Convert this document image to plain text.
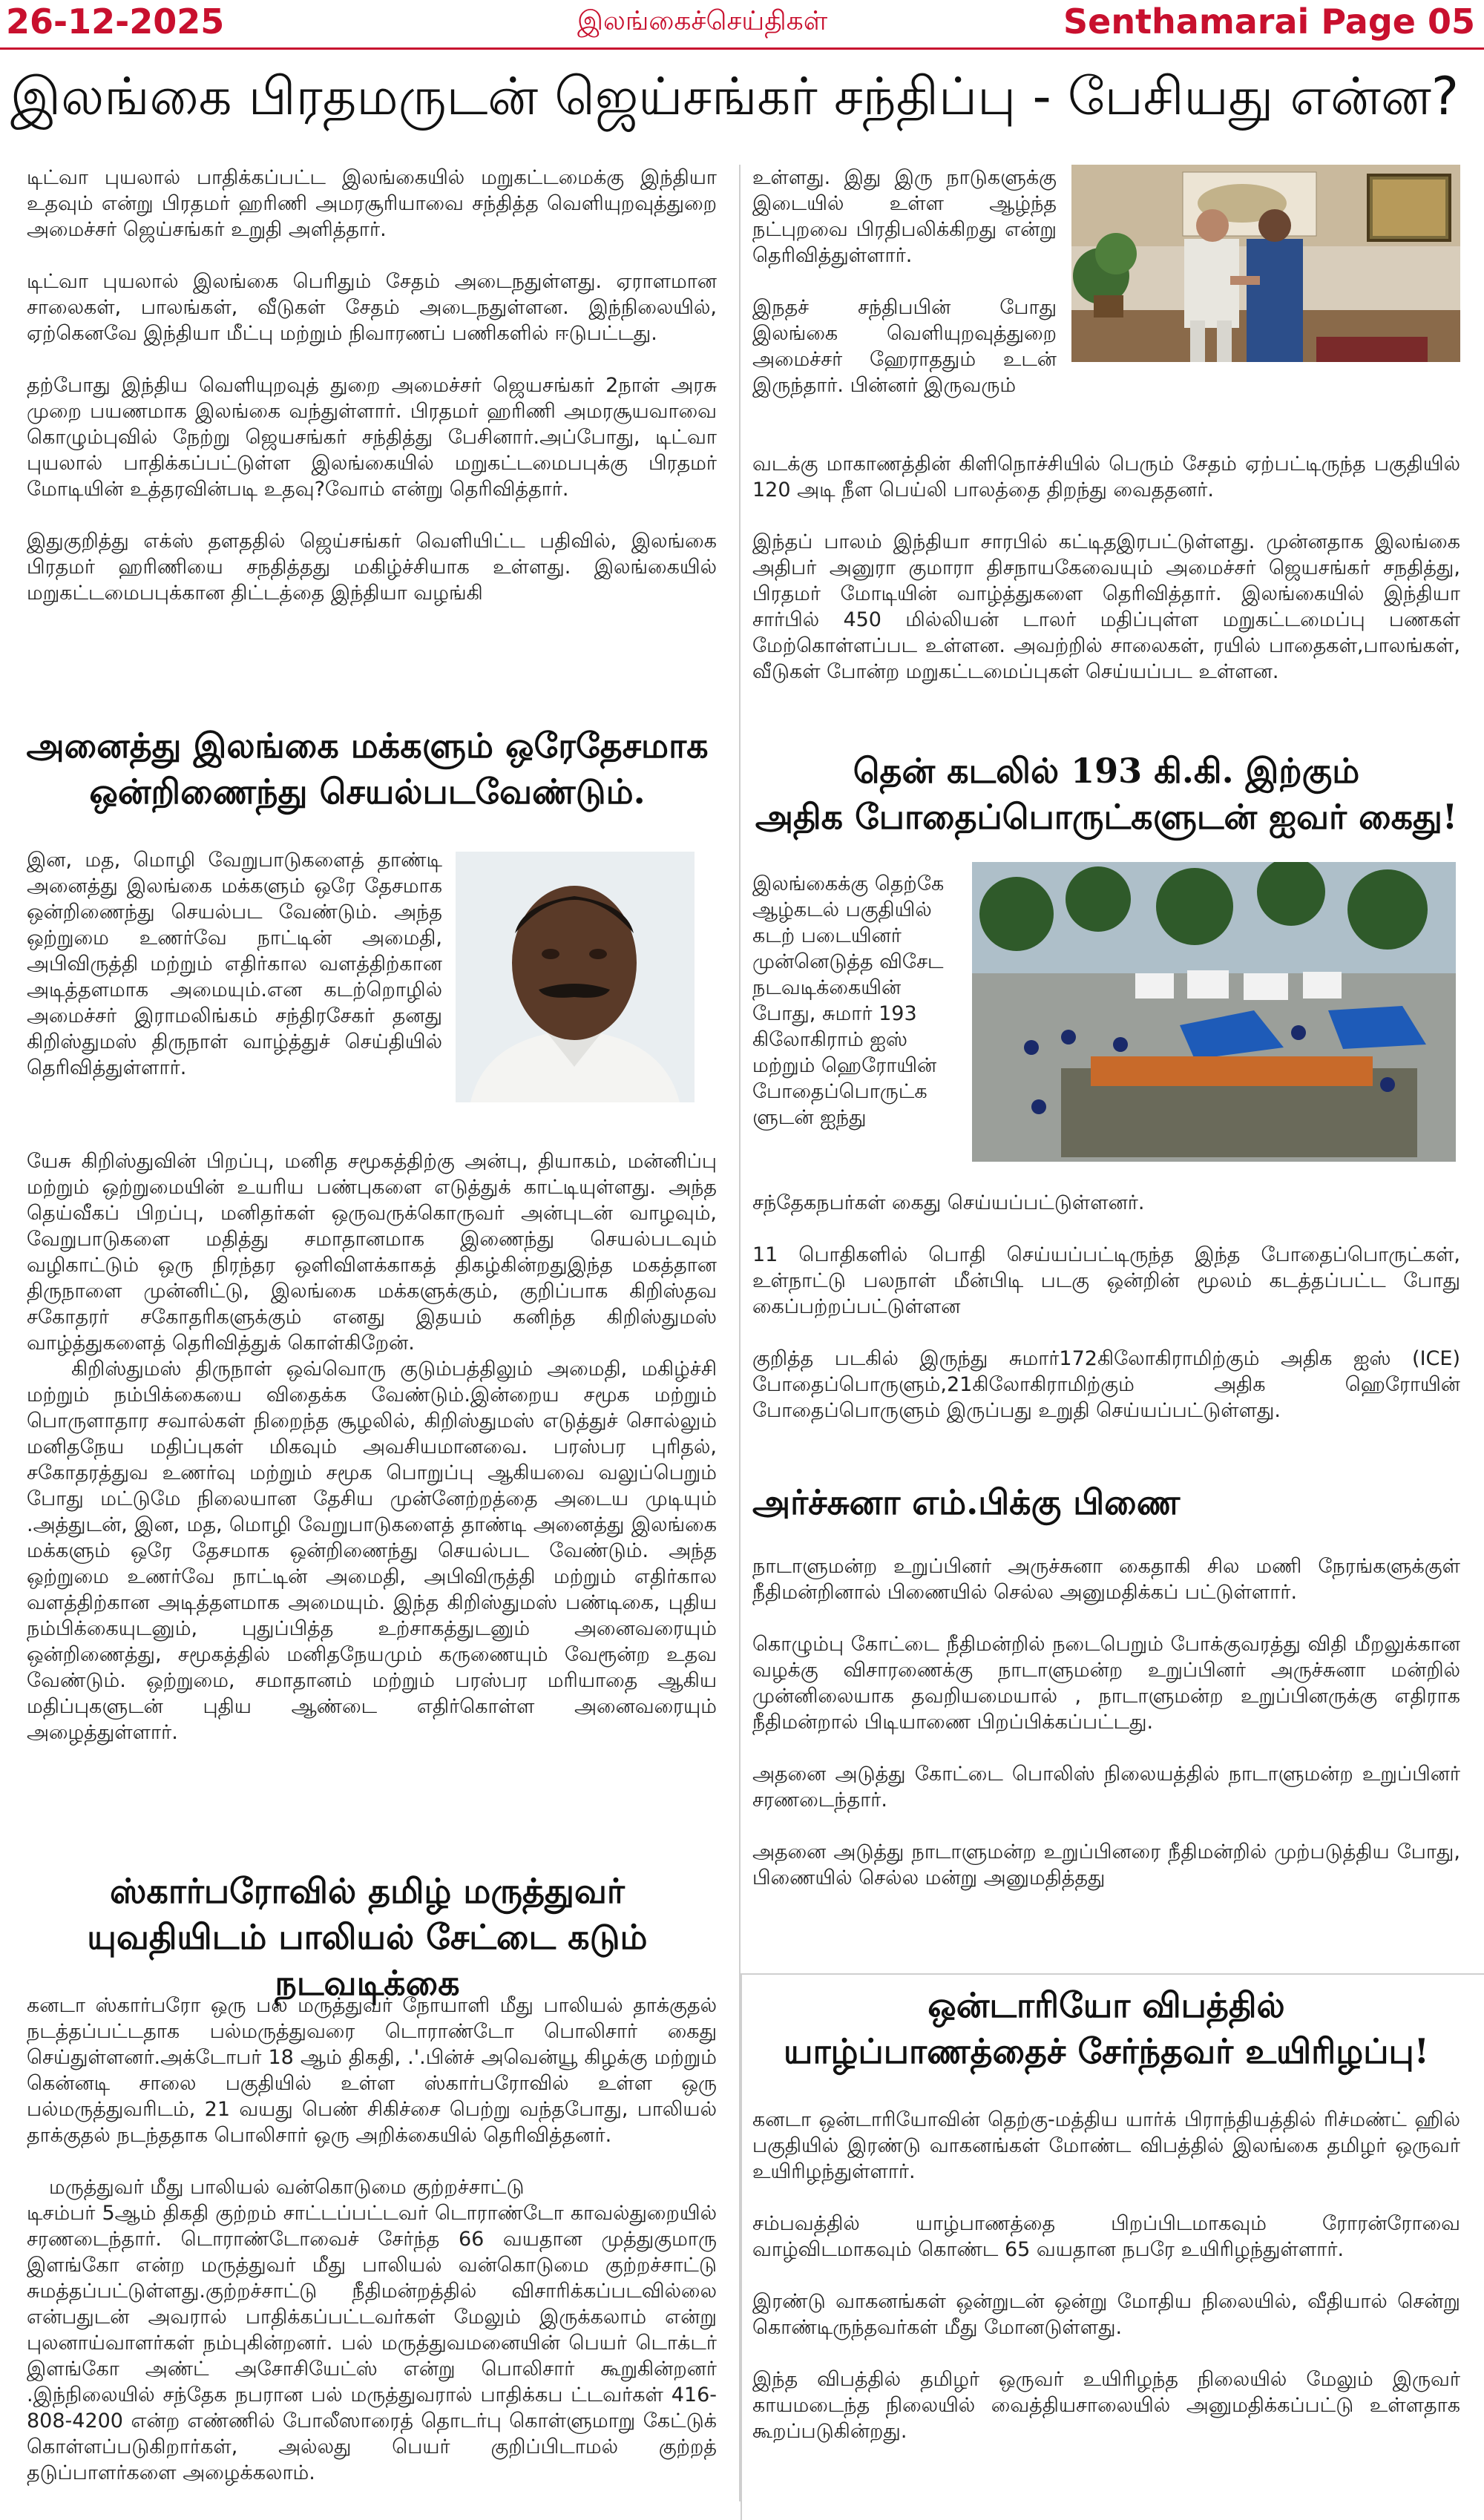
26-12-2025	இலங்கைச்செய்திகள்	Senthamarai Page 05
இலங்கை பிரதமருடன் ஜெய்சங்கர் சந்திப்பு - பேசியது என்ன?

டிட்வா புயலால் பாதிக்கப்பட்ட இலங்கையில் மறுகட்டமைக்கு இந்தியா உதவும் என்று பிரதமர் ஹரிணி அமரசூரியாவை சந்தித்த வெளியுறவுத்துறை அமைச்சர் ஜெய்சங்கர் உறுதி அளித்தார்.

டிட்வா புயலால் இலங்கை பெரிதும் சேதம் அடைநதுள்ளது. ஏராளமான சாலைகள், பாலங்கள், வீடுகள் சேதம் அடைநதுள்ளன. இந்நிலையில், ஏற்கெனவே இந்தியா மீட்பு மற்றும் நிவாரணப் பணிகளில் ஈடுபட்டது.

தற்போது இந்திய வெளியுறவுத் துறை அமைச்சர் ஜெயசங்கர் 2நாள் அரசு முறை பயணமாக இலங்கை வந்துள்ளார். பிரதமர் ஹரிணி அமரசூயவாவை கொழும்புவில் நேற்று ஜெயசங்கர் சந்தித்து பேசினார்.அப்போது, டிட்வா புயலால் பாதிக்கப்பட்டுள்ள இலங்கையில் மறுகட்டமைபபுக்கு பிரதமர் மோடியின் உத்தரவின்படி உதவு?வோம் என்று தெரிவித்தார்.

இதுகுறித்து எக்ஸ் தளததில் ஜெய்சங்கர் வெளியிட்ட பதிவில், இலங்கை பிரதமர் ஹரிணியை சநதித்தது மகிழ்ச்சியாக உள்ளது. இலங்கையில் மறுகட்டமைபபுக்கான திட்டத்தை இந்தியா வழங்கி

உள்ளது. இது இரு நாடுகளுக்கு இடையில் உள்ள ஆழ்ந்த நட்புறவை பிரதிபலிக்கிறது என்று தெரிவித்துள்ளார்.

இநதச் சந்திபபின் போது இலங்கை வெளியுறவுத்துறை அமைச்சர் ஹேராததும் உடன் இருந்தார். பின்னர் இருவரும்

வடக்கு மாகாணத்தின் கிளிநொச்சியில் பெரும் சேதம் ஏற்பட்டிருந்த பகுதியில் 120 அடி நீள பெய்லி பாலத்தை திறந்து வைததனர்.

இந்தப் பாலம் இந்தியா சாரபில் கட்டிதஇரபட்டுள்ளது. முன்னதாக இலங்கை அதிபர் அனுரா குமாரா திசநாயகேவையும் அமைச்சர் ஜெயசங்கர் சநதித்து, பிரதமர் மோடியின் வாழ்த்துகளை தெரிவித்தார். இலங்கையில் இந்தியா சார்பில் 450 மில்லியன் டாலர் மதிப்புள்ள மறுகட்டமைப்பு பணகள் மேற்கொள்ளப்பட உள்ளன. அவற்றில் சாலைகள், ரயில் பாதைகள்,பாலங்கள், வீடுகள் போன்ற மறுகட்டமைப்புகள் செய்யப்பட உள்ளன.

அனைத்து இலங்கை மக்களும் ஒரேதேசமாக
ஒன்றிணைந்து செயல்படவேண்டும்.
இன, மத, மொழி வேறுபாடுகளைத் தாண்டி அனைத்து இலங்கை மக்களும் ஒரே தேசமாக ஒன்றிணைந்து செயல்பட வேண்டும். அந்த ஒற்றுமை உணர்வே நாட்டின் அமைதி, அபிவிருத்தி மற்றும் எதிர்கால வளத்திற்கான அடித்தளமாக அமையும்.என கடற்றொழில் அமைச்சர் இராமலிங்கம் சந்திரசேகர் தனது கிறிஸ்துமஸ் திருநாள் வாழ்த்துச் செய்தியில் தெரிவித்துள்ளார்.

யேசு கிறிஸ்துவின் பிறப்பு, மனித சமூகத்திற்கு அன்பு, தியாகம், மன்னிப்பு மற்றும் ஒற்றுமையின் உயரிய பண்புகளை எடுத்துக் காட்டியுள்ளது. அந்த தெய்வீகப் பிறப்பு, மனிதர்கள் ஒருவருக்கொருவர் அன்புடன் வாழவும், வேறுபாடுகளை மதித்து சமாதானமாக இணைந்து செயல்படவும் வழிகாட்டும் ஒரு நிரந்தர ஒளிவிளக்காகத் திகழ்கின்றதுஇந்த மகத்தான திருநாளை முன்னிட்டு, இலங்கை மக்களுக்கும், குறிப்பாக கிறிஸ்தவ சகோதரர் சகோதரிகளுக்கும் எனது இதயம் கனிந்த கிறிஸ்துமஸ் வாழ்த்துகளைத் தெரிவித்துக் கொள்கிறேன்.

கிறிஸ்துமஸ் திருநாள் ஒவ்வொரு குடும்பத்திலும் அமைதி, மகிழ்ச்சி மற்றும் நம்பிக்கையை விதைக்க வேண்டும்.இன்றைய சமூக மற்றும் பொருளாதார சவால்கள் நிறைந்த சூழலில், கிறிஸ்துமஸ் எடுத்துச் சொல்லும் மனிதநேய மதிப்புகள் மிகவும் அவசியமானவை. பரஸ்பர புரிதல், சகோதரத்துவ உணர்வு மற்றும் சமூக பொறுப்பு ஆகியவை வலுப்பெறும் போது மட்டுமே நிலையான தேசிய முன்னேற்றத்தை அடைய முடியும் .அத்துடன், இன, மத, மொழி வேறுபாடுகளைத் தாண்டி அனைத்து இலங்கை மக்களும் ஒரே தேசமாக ஒன்றிணைந்து செயல்பட வேண்டும். அந்த ஒற்றுமை உணர்வே நாட்டின் அமைதி, அபிவிருத்தி மற்றும் எதிர்கால வளத்திற்கான அடித்தளமாக அமையும். இந்த கிறிஸ்துமஸ் பண்டிகை, புதிய நம்பிக்கையுடனும், புதுப்பித்த உற்சாகத்துடனும் அனைவரையும் ஒன்றிணைத்து, சமூகத்தில் மனிதநேயமும் கருணையும் வேரூன்ற உதவ வேண்டும். ஒற்றுமை, சமாதானம் மற்றும் பரஸ்பர மரியாதை ஆகிய மதிப்புகளுடன் புதிய ஆண்டை எதிர்கொள்ள அனைவரையும் அழைத்துள்ளார்.

ஸ்கார்பரோவில் தமிழ் மருத்துவர்
யுவதியிடம் பாலியல் சேட்டை கடும் நடவடிக்கை

கனடா ஸ்கார்பரோ ஒரு பல் மருத்துவர் நோயாளி மீது பாலியல் தாக்குதல் நடத்தப்பட்டதாக பல்மருத்துவரை டொராண்டோ பொலிசார் கைது செய்துள்ளனர்.அக்டோபர் 18 ஆம் திகதி, .'.பின்ச் அவென்யூ கிழக்கு மற்றும் கென்னடி சாலை பகுதியில் உள்ள ஸ்கார்பரோவில் உள்ள ஒரு பல்மருத்துவரிடம், 21 வயது பெண் சிகிச்சை பெற்று வந்தபோது, பாலியல் தாக்குதல் நடந்ததாக பொலிசார் ஒரு அறிக்கையில் தெரிவித்தனர்.

மருத்துவர் மீது பாலியல் வன்கொடுமை குற்றச்சாட்டு

டிசம்பர் 5ஆம் திகதி குற்றம் சாட்டப்பட்டவர் டொராண்டோ காவல்துறையில் சரணடைந்தார். டொராண்டோவைச் சேர்ந்த 66 வயதான முத்துகுமாரு இளங்கோ என்ற மருத்துவர் மீது பாலியல் வன்கொடுமை குற்றச்சாட்டு சுமத்தப்பட்டுள்ளது.குற்றச்சாட்டு நீதிமன்றத்தில் விசாரிக்கப்படவில்லை என்பதுடன் அவரால் பாதிக்கப்பட்டவர்கள் மேலும் இருக்கலாம் என்று புலனாய்வாளர்கள் நம்புகின்றனர். பல் மருத்துவமனையின் பெயர் டொக்டர் இளங்கோ அண்ட் அசோசியேட்ஸ் என்று பொலிசார் கூறுகின்றனர் .இந்நிலையில் சந்தேக நபரான பல் மருத்துவரால் பாதிக்கப ட்டவர்கள் 416-808-4200 என்ற எண்ணில் போலீஸாரைத் தொடர்பு கொள்ளுமாறு கேட்டுக் கொள்ளப்படுகிறார்கள், அல்லது பெயர் குறிப்பிடாமல் குற்றத் தடுப்பாளர்களை அழைக்கலாம்.

தென் கடலில் 193 கி.கி. இற்கும்
அதிக போதைப்பொருட்களுடன் ஐவர் கைது!
இலங்கைக்கு தெற்கே ஆழ்கடல் பகுதியில் கடற் படையினர் முன்னெடுத்த விசேட நடவடிக்கையின் போது, சுமார் 193 கிலோகிராம் ஐஸ் மற்றும் ஹெரோயின் போதைப்பொருட்க ளுடன் ஐந்து

சந்தேகநபர்கள் கைது செய்யப்பட்டுள்ளனர்.

11 பொதிகளில் பொதி செய்யப்பட்டிருந்த இந்த போதைப்பொருட்கள், உள்நாட்டு பலநாள் மீன்பிடி படகு ஒன்றின் மூலம் கடத்தப்பட்ட போது கைப்பற்றப்பட்டுள்ளன

குறித்த படகில் இருந்து சுமார்172கிலோகிராமிற்கும் அதிக ஐஸ் (ICE) போதைப்பொருளும்,21கிலோகிராமிற்கும் அதிக ஹெரோயின் போதைப்பொருளும் இருப்பது உறுதி செய்யப்பட்டுள்ளது.

அர்ச்சுனா எம்.பிக்கு பிணை

நாடாளுமன்ற உறுப்பினர் அருச்சுனா கைதாகி சில மணி நேரங்களுக்குள் நீதிமன்றினால் பிணையில் செல்ல அனுமதிக்கப் பட்டுள்ளார்.

கொழும்பு கோட்டை நீதிமன்றில் நடைபெறும் போக்குவரத்து விதி மீறலுக்கான வழக்கு விசாரணைக்கு நாடாளுமன்ற உறுப்பினர் அருச்சுனா மன்றில் முன்னிலையாக தவறியமையால் , நாடாளுமன்ற உறுப்பினருக்கு எதிராக நீதிமன்றால் பிடியாணை பிறப்பிக்கப்பட்டது.

அதனை அடுத்து கோட்டை பொலிஸ் நிலையத்தில் நாடாளுமன்ற உறுப்பினர் சரணடைந்தார்.

அதனை அடுத்து நாடாளுமன்ற உறுப்பினரை நீதிமன்றில் முற்படுத்திய போது, பிணையில் செல்ல மன்று அனுமதித்தது

ஒன்டாரியோ விபத்தில்
யாழ்ப்பாணத்தைச் சேர்ந்தவர் உயிரிழப்பு!

கனடா ஒன்டாரியோவின் தெற்கு-மத்திய யார்க் பிராந்தியத்தில் ரிச்மண்ட் ஹில் பகுதியில் இரண்டு வாகனங்கள் மோண்ட விபத்தில் இலங்கை தமிழர் ஒருவர் உயிரிழந்துள்ளார்.

சம்பவத்தில் யாழ்பாணத்தை பிறப்பிடமாகவும் ரோரன்ரோவை வாழ்விடமாகவும் கொண்ட 65 வயதான நபரே உயிரிழந்துள்ளார்.

இரண்டு வாகனங்கள் ஒன்றுடன் ஒன்று மோதிய நிலையில், வீதியால் சென்று கொண்டிருந்தவர்கள் மீது மோனடுள்ளது.

இந்த விபத்தில் தமிழர் ஒருவர் உயிரிழந்த நிலையில் மேலும் இருவர் காயமடைந்த நிலையில் வைத்தியசாலையில் அனுமதிக்கப்பட்டு உள்ளதாக கூறப்படுகின்றது.
